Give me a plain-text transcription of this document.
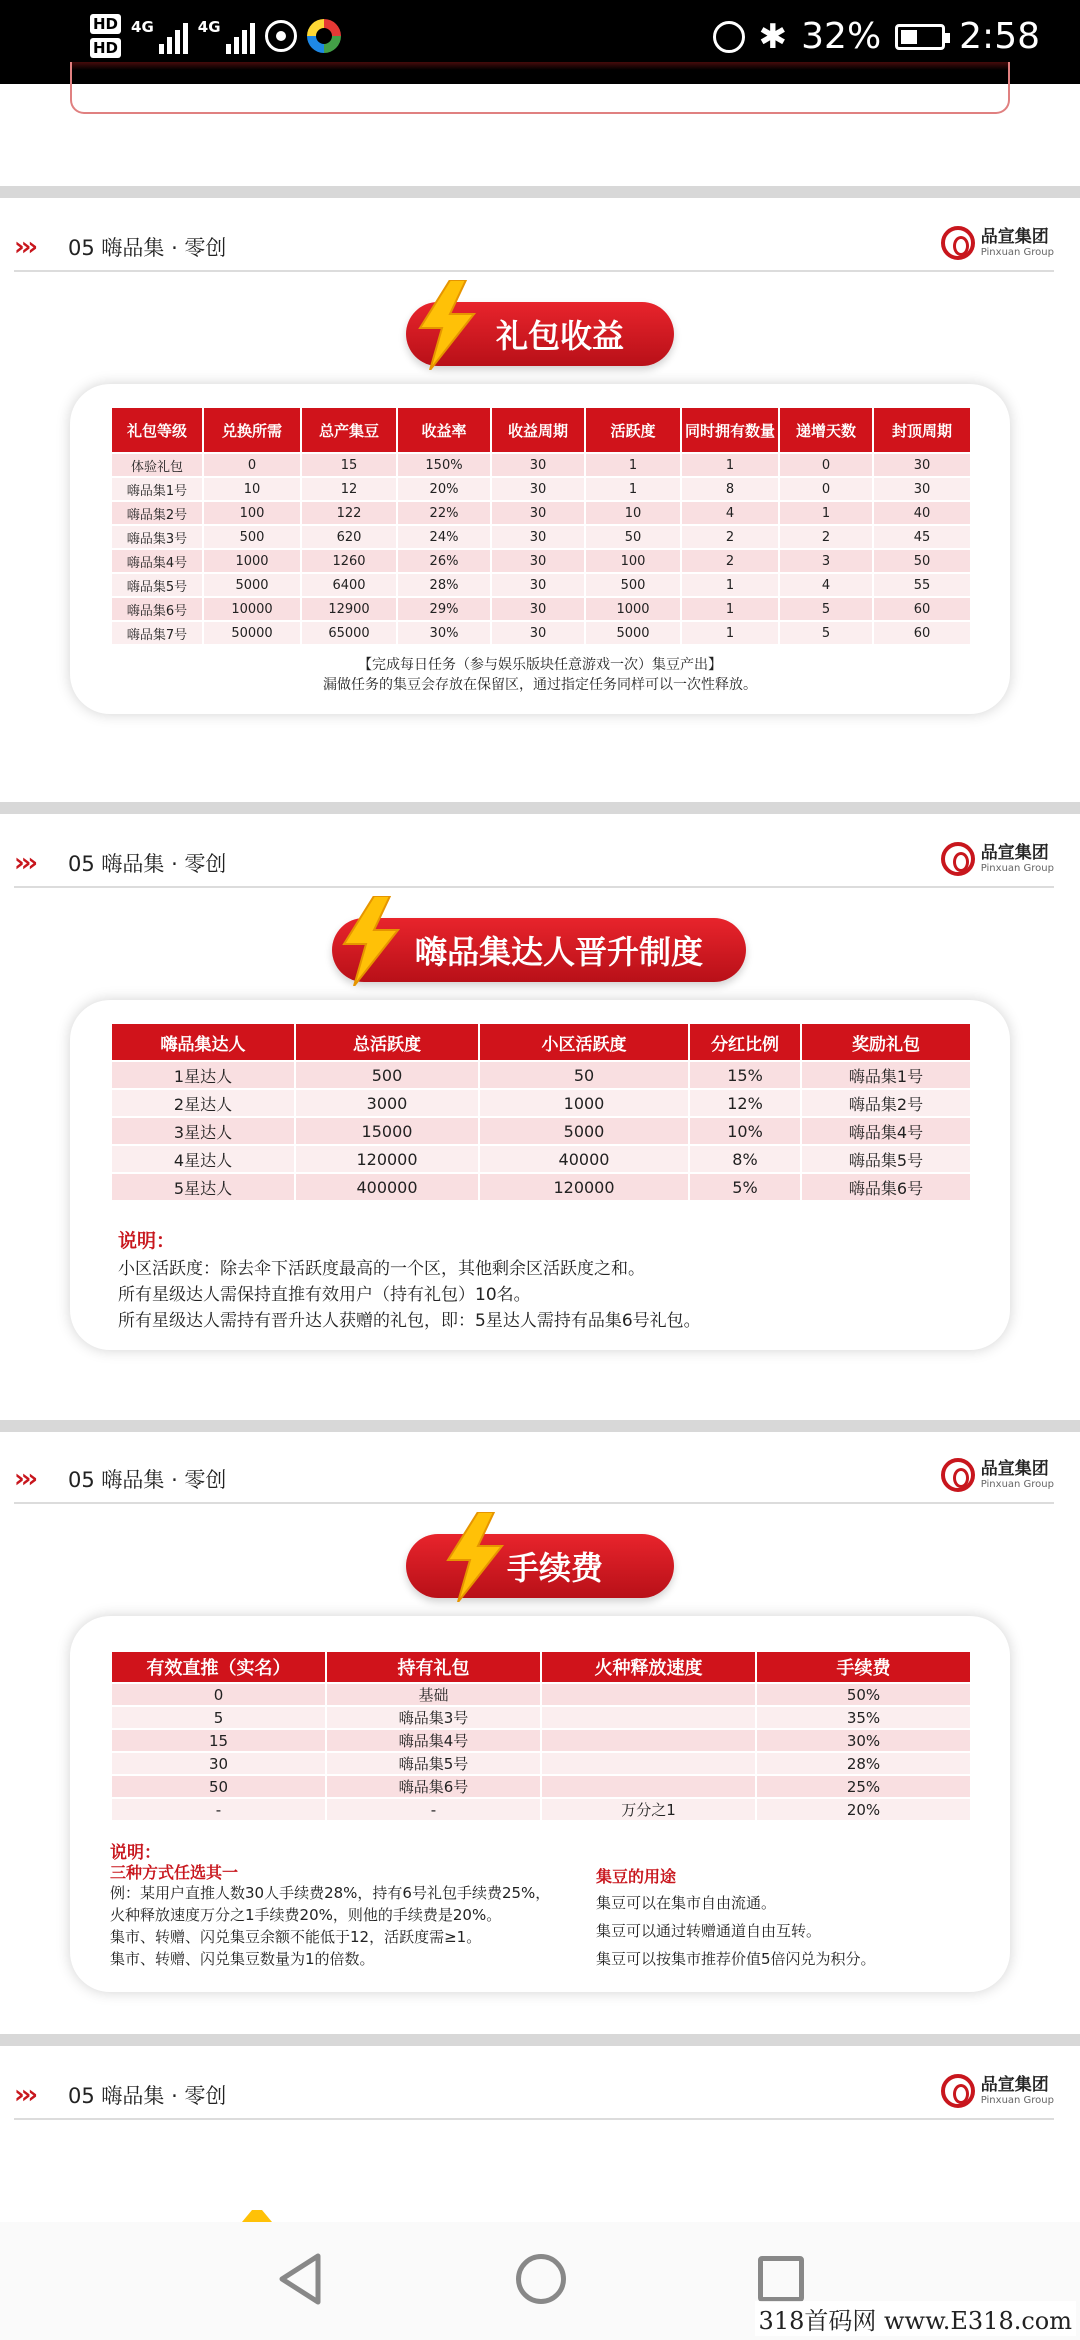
HD
HD
4G	4G	✱ 32% 2:58
››› 05 嗨品集 · 零创	品宣集团
Pinxuan Group
礼包收益
礼包等级	兑换所需	总产集豆	收益率	收益周期	活跃度	同时拥有数量	递增天数	封顶周期
体验礼包	0	15	150%	30	1	1	0	30
嗨品集1号	10	12	20%	30	1	8	0	30
嗨品集2号	100	122	22%	30	10	4	1	40
嗨品集3号	500	620	24%	30	50	2	2	45
嗨品集4号	1000	1260	26%	30	100	2	3	50
嗨品集5号	5000	6400	28%	30	500	1	4	55
嗨品集6号	10000	12900	29%	30	1000	1	5	60
嗨品集7号	50000	65000	30%	30	5000	1	5	60
【完成每日任务（参与娱乐版块任意游戏一次）集豆产出】
漏做任务的集豆会存放在保留区，通过指定任务同样可以一次性释放。
››› 05 嗨品集 · 零创	品宣集团
Pinxuan Group
嗨品集达人晋升制度
嗨品集达人	总活跃度	小区活跃度	分红比例	奖励礼包
1星达人	500	50	15%	嗨品集1号
2星达人	3000	1000	12%	嗨品集2号
3星达人	15000	5000	10%	嗨品集4号
4星达人	120000	40000	8%	嗨品集5号
5星达人	400000	120000	5%	嗨品集6号
说明：
小区活跃度：除去伞下活跃度最高的一个区，其他剩余区活跃度之和。
所有星级达人需保持直推有效用户（持有礼包）10名。
所有星级达人需持有晋升达人获赠的礼包，即：5星达人需持有品集6号礼包。
››› 05 嗨品集 · 零创	品宣集团
Pinxuan Group
手续费
有效直推（实名）	持有礼包	火种释放速度	手续费
0	基础		50%
5	嗨品集3号		35%
15	嗨品集4号		30%
30	嗨品集5号		28%
50	嗨品集6号		25%
-	-	万分之1	20%
说明：
三种方式任选其一
例：某用户直推人数30人手续费28%，持有6号礼包手续费25%，
火种释放速度万分之1手续费20%，则他的手续费是20%。
集市、转赠、闪兑集豆余额不能低于12，活跃度需≥1。
集市、转赠、闪兑集豆数量为1的倍数。
集豆的用途
集豆可以在集市自由流通。
集豆可以通过转赠通道自由互转。
集豆可以按集市推荐价值5倍闪兑为积分。
››› 05 嗨品集 · 零创	品宣集团
Pinxuan Group
318首码网 www.E318.com
